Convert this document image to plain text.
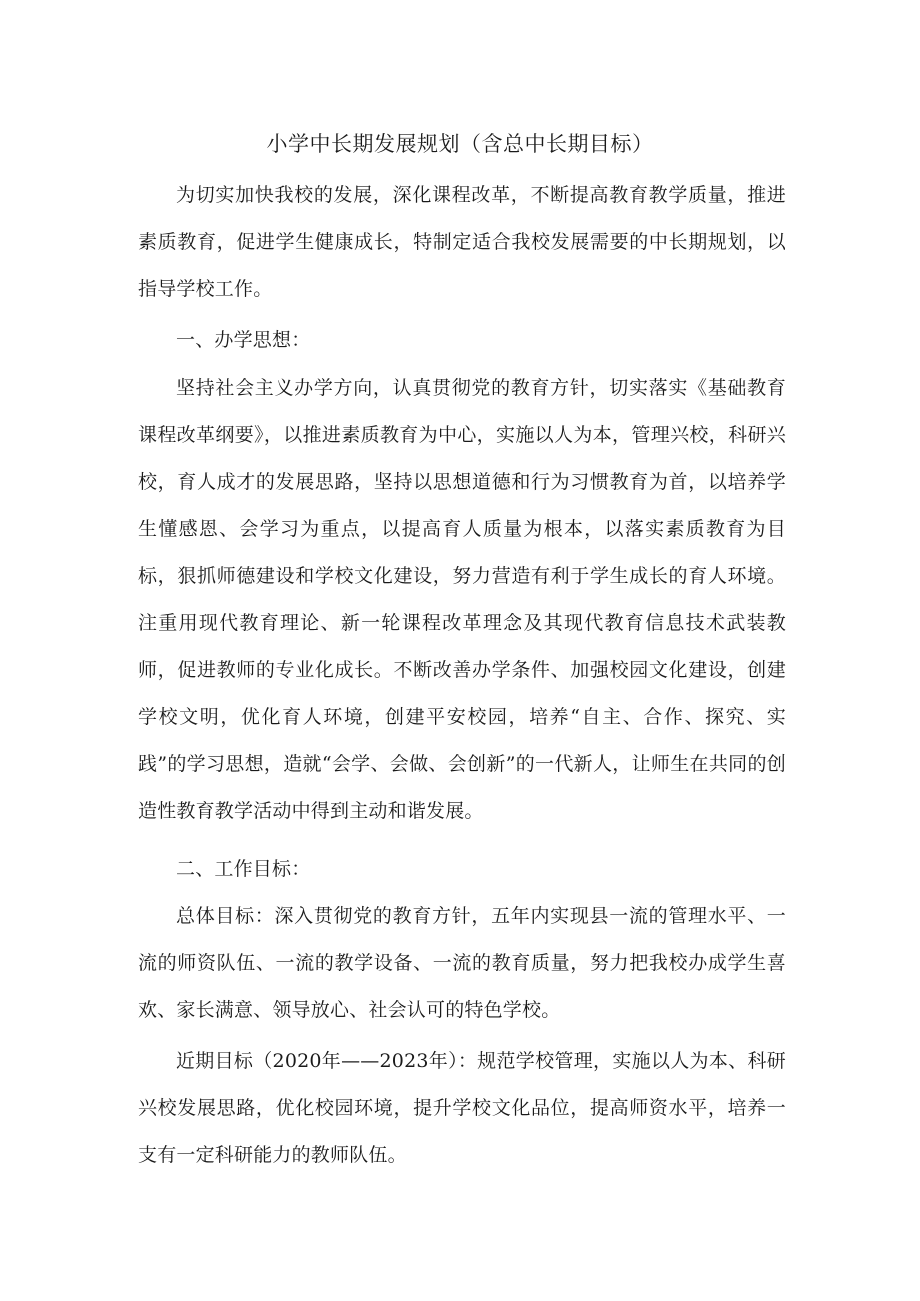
小学中长期发展规划（含总中长期目标）

为切实加快我校的发展，深化课程改革，不断提高教育教学质量，推进素质教育，促进学生健康成长，特制定适合我校发展需要的中长期规划，以指导学校工作。

一、办学思想：

坚持社会主义办学方向，认真贯彻党的教育方针，切实落实《基础教育课程改革纲要》，以推进素质教育为中心，实施以人为本，管理兴校，科研兴校，育人成才的发展思路，坚持以思想道德和行为习惯教育为首，以培养学生懂感恩、会学习为重点，以提高育人质量为根本，以落实素质教育为目标，狠抓师德建设和学校文化建设，努力营造有利于学生成长的育人环境。注重用现代教育理论、新一轮课程改革理念及其现代教育信息技术武装教师，促进教师的专业化成长。不断改善办学条件、加强校园文化建设，创建学校文明，优化育人环境，创建平安校园，培养“自主、合作、探究、实践”的学习思想，造就“会学、会做、会创新”的一代新人，让师生在共同的创造性教育教学活动中得到主动和谐发展。

二、工作目标：

总体目标：深入贯彻党的教育方针，五年内实现县一流的管理水平、一流的师资队伍、一流的教学设备、一流的教育质量，努力把我校办成学生喜欢、家长满意、领导放心、社会认可的特色学校。

近期目标（2020年——2023年）：规范学校管理，实施以人为本、科研兴校发展思路，优化校园环境，提升学校文化品位，提高师资水平，培养一支有一定科研能力的教师队伍。
